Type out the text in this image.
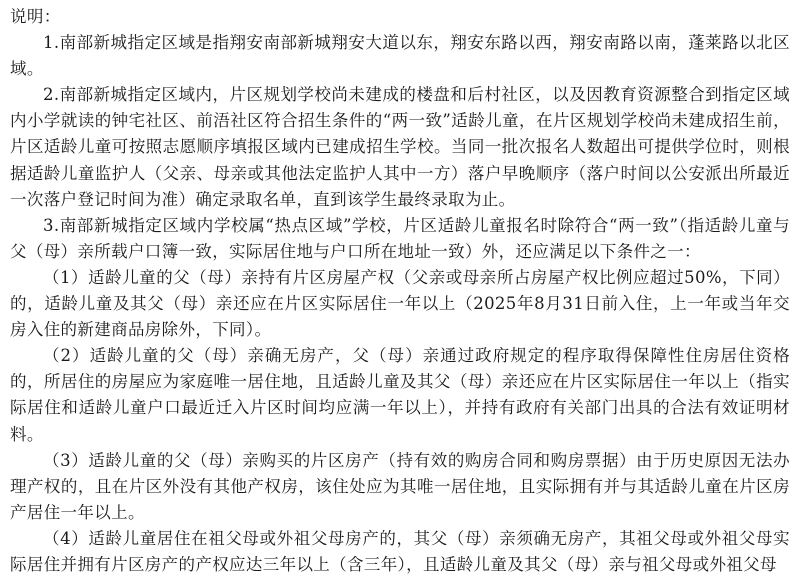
说明：

1.南部新城指定区域是指翔安南部新城翔安大道以东，翔安东路以西，翔安南路以南，蓬莱路以北区域。

2.南部新城指定区域内，片区规划学校尚未建成的楼盘和后村社区，以及因教育资源整合到指定区域内小学就读的钟宅社区、前浯社区符合招生条件的“两一致”适龄儿童，在片区规划学校尚未建成招生前，片区适龄儿童可按照志愿顺序填报区域内已建成招生学校。当同一批次报名人数超出可提供学位时，则根据适龄儿童监护人（父亲、母亲或其他法定监护人其中一方）落户早晚顺序（落户时间以公安派出所最近一次落户登记时间为准）确定录取名单，直到该学生最终录取为止。

3.南部新城指定区域内学校属“热点区域”学校，片区适龄儿童报名时除符合“两一致”（指适龄儿童与父（母）亲所载户口簿一致，实际居住地与户口所在地址一致）外，还应满足以下条件之一：

（1）适龄儿童的父（母）亲持有片区房屋产权（父亲或母亲所占房屋产权比例应超过50%，下同）的，适龄儿童及其父（母）亲还应在片区实际居住一年以上（2025年8月31日前入住，上一年或当年交房入住的新建商品房除外，下同）。

（2）适龄儿童的父（母）亲确无房产，父（母）亲通过政府规定的程序取得保障性住房居住资格的，所居住的房屋应为家庭唯一居住地，且适龄儿童及其父（母）亲还应在片区实际居住一年以上（指实际居住和适龄儿童户口最近迁入片区时间均应满一年以上），并持有政府有关部门出具的合法有效证明材料。

（3）适龄儿童的父（母）亲购买的片区房产（持有效的购房合同和购房票据）由于历史原因无法办理产权的，且在片区外没有其他产权房，该住处应为其唯一居住地，且实际拥有并与其适龄儿童在片区房产居住一年以上。

（4）适龄儿童居住在祖父母或外祖父母房产的，其父（母）亲须确无房产，其祖父母或外祖父母实际居住并拥有片区房产的产权应达三年以上（含三年），且适龄儿童及其父（母）亲与祖父母或外祖父母
